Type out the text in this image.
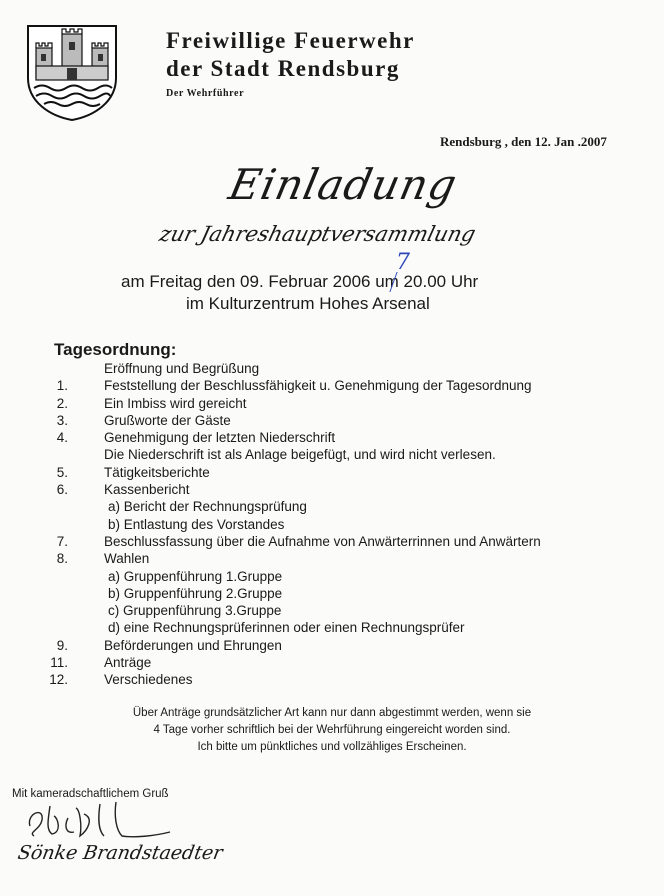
Freiwillige Feuerwehr
der Stadt Rendsburg
Der Wehrführer
Rendsburg , den 12. Jan .2007
Einladung
zur Jahreshauptversammlung
am Freitag den 09. Februar 2006 um 20.00 Uhr
7
im Kulturzentrum Hohes Arsenal
Tagesordnung:
Eröffnung und Begrüßung
1.	Feststellung der Beschlussfähigkeit u. Genehmigung der Tagesordnung
2.	Ein Imbiss wird gereicht
3.	Grußworte der Gäste
4.	Genehmigung der letzten Niederschrift
Die Niederschrift ist als Anlage beigefügt, und wird nicht verlesen.
5.	Tätigkeitsberichte
6.	Kassenbericht
a) Bericht der Rechnungsprüfung
b) Entlastung des Vorstandes
7.	Beschlussfassung über die Aufnahme von Anwärterrinnen und Anwärtern
8.	Wahlen
a) Gruppenführung 1.Gruppe
b) Gruppenführung 2.Gruppe
c) Gruppenführung 3.Gruppe
d) eine Rechnungsprüferinnen oder einen Rechnungsprüfer
9.	Beförderungen und Ehrungen
11.	Anträge
12.	Verschiedenes
Über Anträge grundsätzlicher Art kann nur dann abgestimmt werden, wenn sie
4 Tage vorher schriftlich bei der Wehrführung eingereicht worden sind.
Ich bitte um pünktliches und vollzähliges Erscheinen.
Mit kameradschaftlichem Gruß
Sönke Brandstaedter
